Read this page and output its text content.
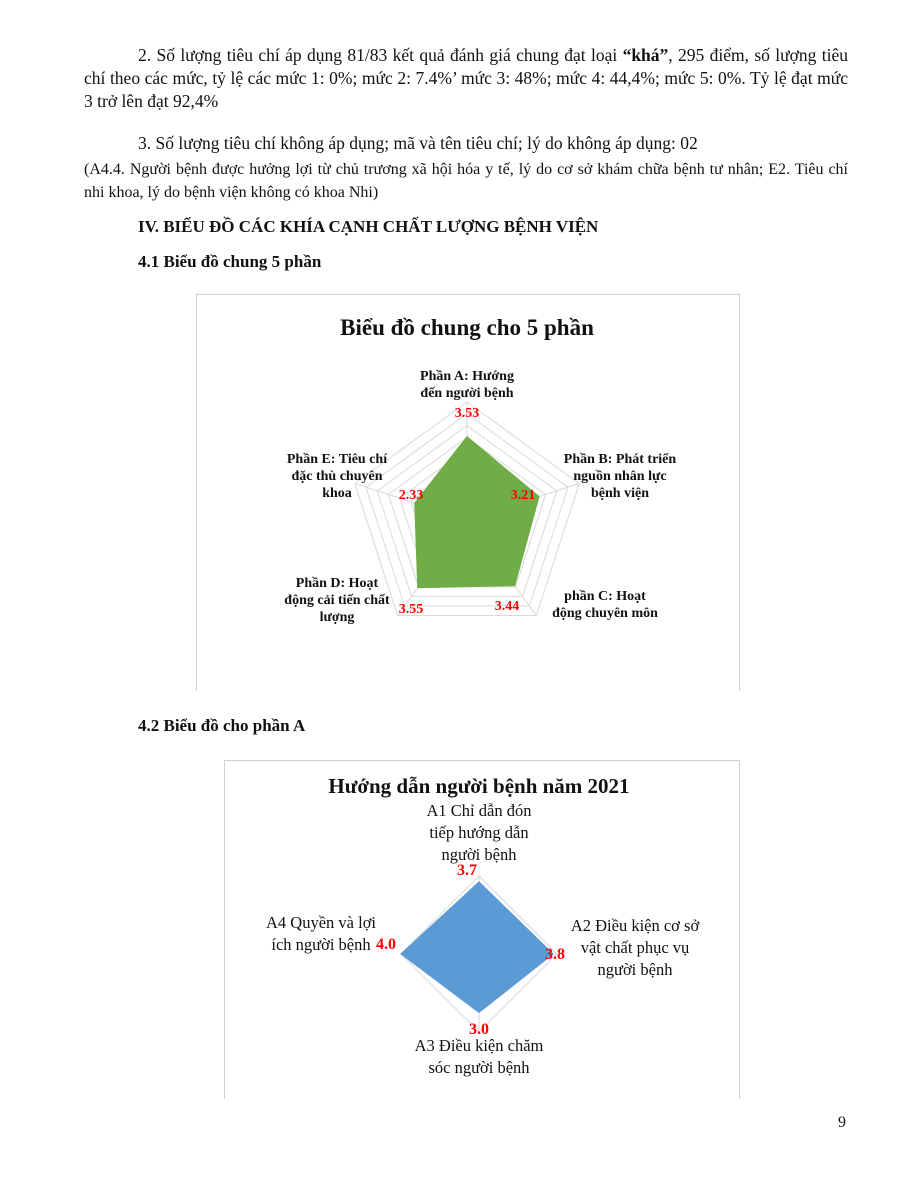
2. Số lượng tiêu chí áp dụng 81/83 kết quả đánh giá chung đạt loại “khá”, 295 điểm, số lượng tiêu chí theo các mức, tỷ lệ các mức 1: 0%; mức 2: 7.4%’ mức 3: 48%; mức 4: 44,4%; mức 5: 0%. Tỷ lệ đạt mức 3 trở lên đạt 92,4%
3. Số lượng tiêu chí không áp dụng; mã và tên tiêu chí; lý do không áp dụng: 02
(A4.4. Người bệnh được hưởng lợi từ chủ trương xã hội hóa y tế, lý do cơ sở khám chữa bệnh tư nhân; E2. Tiêu chí nhi khoa, lý do bệnh viện không có khoa Nhi)
IV. BIỂU ĐỒ CÁC KHÍA CẠNH CHẤT LƯỢNG BỆNH VIỆN
4.1 Biểu đồ chung 5 phần
Biểu đồ chung cho 5 phần
3.53
Phần A: Hướng đến người bệnh
3.21
Phần B: Phát triển nguồn nhân lực bệnh viện
3.44
phần C: Hoạt động chuyên môn
3.55
Phần D: Hoạt động cải tiến chất lượng
2.33
Phần E: Tiêu chí đặc thù chuyên khoa
4.2 Biểu đồ cho phần A
Hướng dẫn người bệnh năm 2021
3.7
A1 Chỉ dẫn đón tiếp hướng dẫn người bệnh
3.8
A2 Điều kiện cơ sở vật chất phục vụ người bệnh
3.0
A3 Điều kiện chăm sóc người bệnh
4.0
A4 Quyền và lợi ích người bệnh
9
